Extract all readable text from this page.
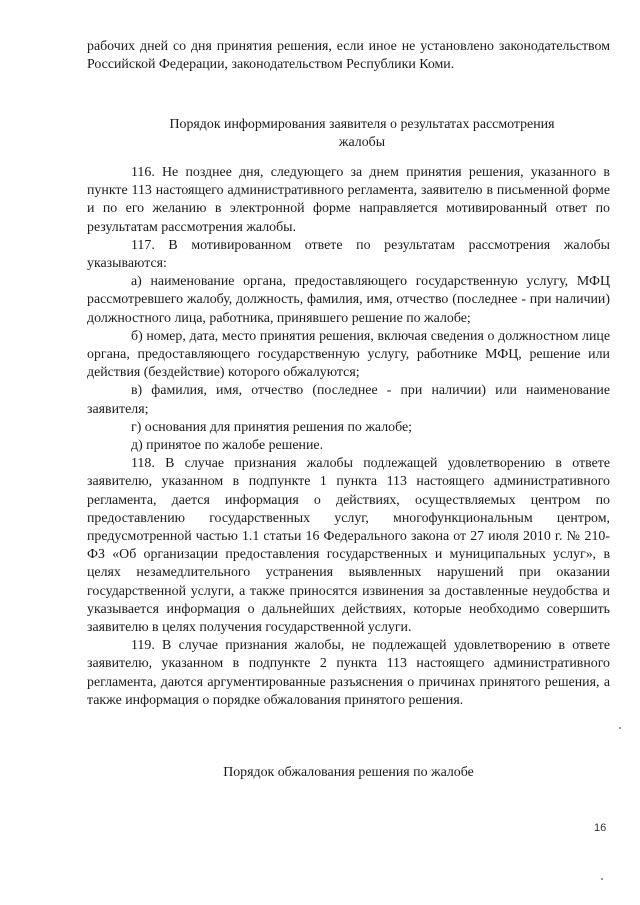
рабочих дней со дня принятия решения, если иное не установлено законодательством Российской Федерации, законодательством Республики Коми.

Порядок информирования заявителя о результатах рассмотрения жалобы

116. Не позднее дня, следующего за днем принятия решения, указанного в пункте 113 настоящего административного регламента, заявителю в письменной форме и по его желанию в электронной форме направляется мотивированный ответ по результатам рассмотрения жалобы.

117. В мотивированном ответе по результатам рассмотрения жалобы указываются:

а) наименование органа, предоставляющего государственную услугу, МФЦ рассмотревшего жалобу, должность, фамилия, имя, отчество (последнее - при наличии) должностного лица, работника, принявшего решение по жалобе;

б) номер, дата, место принятия решения, включая сведения о должностном лице органа, предоставляющего государственную услугу, работнике МФЦ, решение или действия (бездействие) которого обжалуются;

в) фамилия, имя, отчество (последнее - при наличии) или наименование заявителя;

г) основания для принятия решения по жалобе;

д) принятое по жалобе решение.

118. В случае признания жалобы подлежащей удовлетворению в ответе заявителю, указанном в подпункте 1 пункта 113 настоящего административного регламента, дается информация о действиях, осуществляемых центром по предоставлению государственных услуг, многофункциональным центром, предусмотренной частью 1.1 статьи 16 Федерального закона от 27 июля 2010 г. № 210-ФЗ «Об организации предоставления государственных и муниципальных услуг», в целях незамедлительного устранения выявленных нарушений при оказании государственной услуги, а также приносятся извинения за доставленные неудобства и указывается информация о дальнейших действиях, которые необходимо совершить заявителю в целях получения государственной услуги.

119. В случае признания жалобы, не подлежащей удовлетворению в ответе заявителю, указанном в подпункте 2 пункта 113 настоящего административного регламента, даются аргументированные разъяснения о причинах принятого решения, а также информация о порядке обжалования принятого решения.

Порядок обжалования решения по жалобе
16
